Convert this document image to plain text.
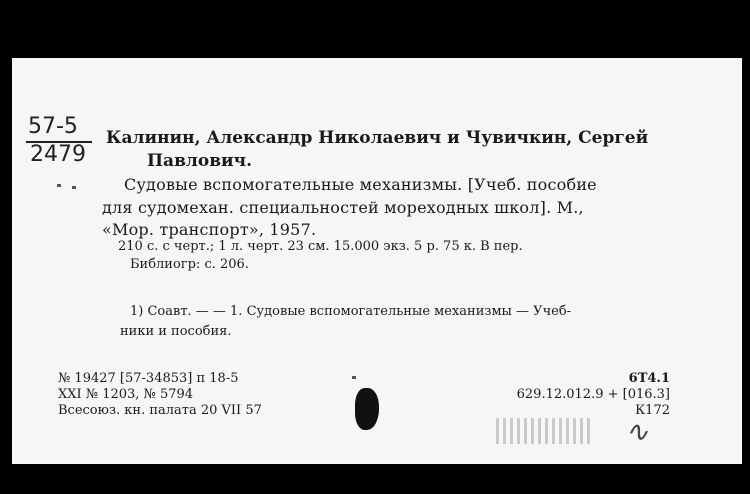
57-5
2479
Калинин, Александр Николаевич и Чувичкин, Сергей
Павлович.
Судовые вспомогательные механизмы. [Учеб. пособие
для судомехан. специальностей мореходных школ]. М.,
«Мор. транспорт», 1957.
210 с. с черт.; 1 л. черт. 23 см. 15.000 экз. 5 р. 75 к. В пер.
Библиогр: с. 206.
1) Соавт. — — 1. Судовые вспомогательные механизмы — Учеб-
ники и пособия.
№ 19427 [57-34853] п 18-5
XXI № 1203, № 5794
Всесоюз. кн. палата 20 VII 57
6Т4.1
629.12.012.9 + [016.3]
К172
∿
